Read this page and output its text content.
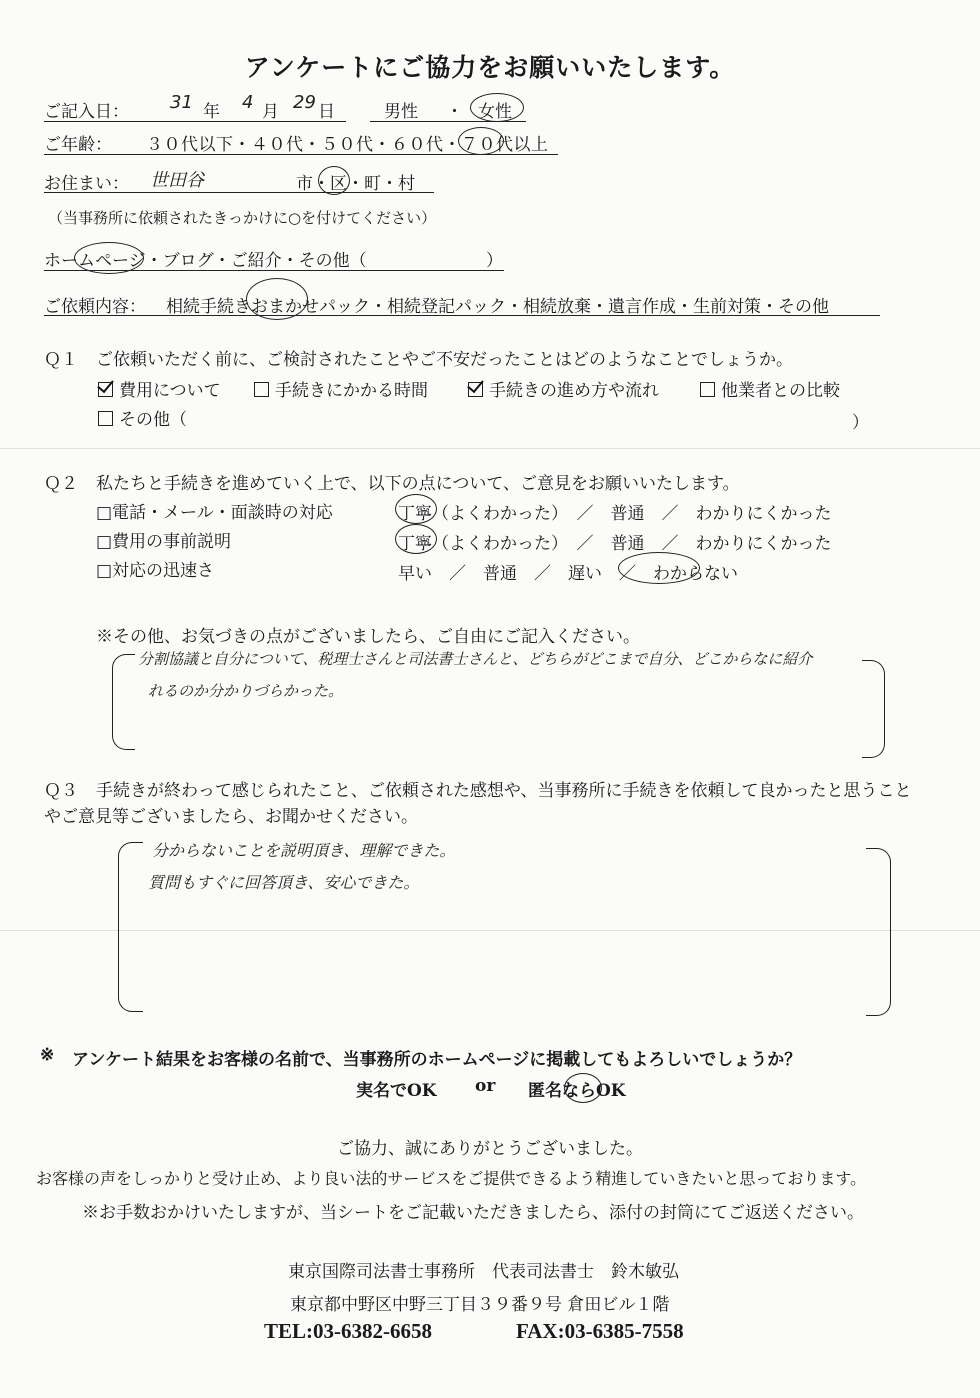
アンケートにご協力をお願いいたします。
ご記入日： 31 年 4 月 29 日	男性 ・ 女性
ご年齢： ３０代以下・４０代・５０代・６０代・７０代以上
お住まい： 世田谷	市・区・町・村
（当事務所に依頼されたきっかけに○を付けてください）
ホームページ・ブログ・ご紹介・その他（	）
ご依頼内容： 相続手続きおまかせパック・相続登記パック・相続放棄・遺言作成・生前対策・その他
Ｑ１ ご依頼いただく前に、ご検討されたことやご不安だったことはどのようなことでしょうか。
費用について	手続きにかかる時間	手続きの進め方や流れ	他業者との比較
その他（	）
Ｑ２ 私たちと手続きを進めていく上で、以下の点について、ご意見をお願いいたします。
□電話・メール・面談時の対応	丁寧（よくわかった）　／　普通　／　わかりにくかった
□費用の事前説明	丁寧（よくわかった）　／　普通　／　わかりにくかった
□対応の迅速さ	早い　／　普通　／　遅い　／　わからない
※その他、お気づきの点がございましたら、ご自由にご記入ください。
分割協議と自分について、税理士さんと司法書士さんと、どちらがどこまで自分、どこからなに紹介
れるのか分かりづらかった。
Ｑ３ 手続きが終わって感じられたこと、ご依頼された感想や、当事務所に手続きを依頼して良かったと思うこと
やご意見等ございましたら、お聞かせください。
分からないことを説明頂き、理解できた。
質問もすぐに回答頂き、安心できた。
※ アンケート結果をお客様の名前で、当事務所のホームページに掲載してもよろしいでしょうか？
実名でOK or 匿名ならOK
ご協力、誠にありがとうございました。
お客様の声をしっかりと受け止め、より良い法的サービスをご提供できるよう精進していきたいと思っております。
※お手数おかけいたしますが、当シートをご記載いただきましたら、添付の封筒にてご返送ください。
東京国際司法書士事務所　代表司法書士　鈴木敏弘
東京都中野区中野三丁目３９番９号 倉田ビル１階
TEL:03-6382-6658	FAX:03-6385-7558
